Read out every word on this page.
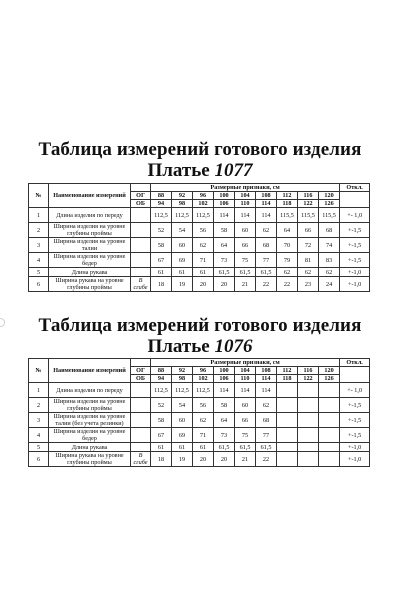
Таблица измерений готового изделия
Платье 1077
№	Наименование измерений		Размерные признаки, см									Откл.
		ОГ	88	92	96	100	104	108	112	116	120	
		ОБ	94	98	102	106	110	114	118	122	126	
1	Длина изделия по переду		112,5	112,5	112,5	114	114	114	115,5	115,5	115,5	+- 1,0
2	Ширина изделия на уровне глубины проймы		52	54	56	58	60	62	64	66	68	+-1,5
3	Ширина изделия на уровне талии		58	60	62	64	66	68	70	72	74	+-1,5
4	Ширина изделия на уровне бедер		67	69	71	73	75	77	79	81	83	+-1,5
5	Длина рукава		61	61	61	61,5	61,5	61,5	62	62	62	+-1,0
6	Ширина рукава на уровне глубины проймы	В сгибе	18	19	20	20	21	22	22	23	24	+-1,0
Таблица измерений готового изделия
Платье 1076
№	Наименование измерений		Размерные признаки, см									Откл.
		ОГ	88	92	96	100	104	108	112	116	120	
		ОБ	94	98	102	106	110	114	118	122	126	
1	Длина изделия по переду		112,5	112,5	112,5	114	114	114				+- 1,0
2	Ширина изделия на уровне глубины проймы		52	54	56	58	60	62				+-1,5
3	Ширина изделия на уровне талии (без учета резинки)		58	60	62	64	66	68				+-1,5
4	Ширина изделия на уровне бедер		67	69	71	73	75	77				+-1,5
5	Длина рукава		61	61	61	61,5	61,5	61,5				+-1,0
6	Ширина рукава на уровне глубины проймы	В сгибе	18	19	20	20	21	22				+-1,0
